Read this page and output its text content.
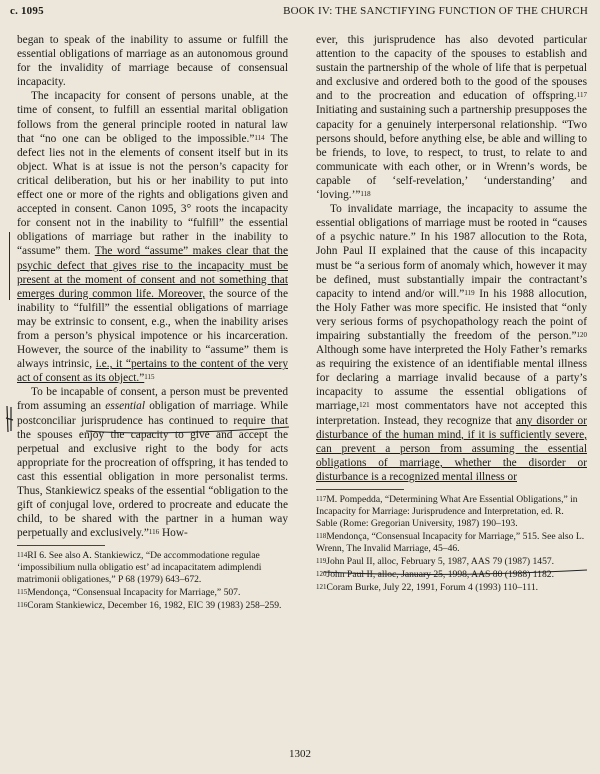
c. 1095	BOOK IV: THE SANCTIFYING FUNCTION OF THE CHURCH

began to speak of the inability to assume or fulfill the essential obligations of marriage as an autonomous ground for the invalidity of marriage because of consensual incapacity.

The incapacity for consent of persons unable, at the time of consent, to fulfill an essential marital obligation follows from the general principle rooted in natural law that “no one can be obliged to the impossible.”$^{114}$ The defect lies not in the elements of consent itself but in its object. What is at issue is not the person’s capacity for critical deliberation, but his or her inability to put into effect one or more of the rights and obligations given and accepted in consent. Canon 1095, 3° roots the incapacity for consent not in the inability to “fulfill” the essential obligations of marriage but rather in the inability to “assume” them. The word “assume” makes clear that the psychic defect that gives rise to the incapacity must be present at the moment of consent and not something that emerges during common life. Moreover, the source of the inability to “fulfill” the essential obligations of marriage may be extrinsic to consent, e.g., when the inability arises from a person’s physical impotence or his incarceration. However, the source of the inability to “assume” them is always intrinsic, i.e., it “pertains to the content of the very act of consent as its object.”$^{115}$

To be incapable of consent, a person must be prevented from assuming an essential obligation of marriage. While postconciliar jurisprudence has continued to require that the spouses enjoy the capacity to give and accept the perpetual and exclusive right to the body for acts appropriate for the procreation of offspring, it has tended to cast this essential obligation in more personalist terms. Thus, Stankiewicz speaks of the essential “obligation to the gift of conjugal love, ordered to procreate and educate the child, to be shared with the partner in a human way perpetually and exclusively.”$^{116}$ How-

$^{114}$RI 6. See also A. Stankiewicz, “De accommodatione regulae ‘impossibilium nulla obligatio est’ ad incapacitatem adimplendi matrimonii obligationes,” P 68 (1979) 643–672.
$^{115}$Mendonça, “Consensual Incapacity for Marriage,” 507.
$^{116}$Coram Stankiewicz, December 16, 1982, EIC 39 (1983) 258–259.

ever, this jurisprudence has also devoted particular attention to the capacity of the spouses to establish and sustain the partnership of the whole of life that is perpetual and exclusive and ordered both to the good of the spouses and to the procreation and education of offspring.$^{117}$ Initiating and sustaining such a partnership presupposes the capacity for a genuinely interpersonal relationship. “Two persons should, before anything else, be able and willing to be friends, to love, to respect, to trust, to relate to and communicate with each other, or in Wrenn’s words, be capable of ‘self-revelation,’ ‘understanding’ and ‘loving.’”$^{118}$

To invalidate marriage, the incapacity to assume the essential obligations of marriage must be rooted in “causes of a psychic nature.” In his 1987 allocution to the Rota, John Paul II explained that the cause of this incapacity must be “a serious form of anomaly which, however it may be defined, must substantially impair the contractant’s capacity to intend and/or will.”$^{119}$ In his 1988 allocution, the Holy Father was more specific. He insisted that “only very serious forms of psychopathology reach the point of impairing substantially the freedom of the person.”$^{120}$ Although some have interpreted the Holy Father’s remarks as requiring the existence of an identifiable mental illness for declaring a marriage invalid because of a party’s incapacity to assume the essential obligations of marriage,$^{121}$ most commentators have not accepted this interpretation. Instead, they recognize that any disorder or disturbance of the human mind, if it is sufficiently severe, can prevent a person from assuming the essential obligations of marriage, whether the disorder or disturbance is a recognized mental illness or

$^{117}$M. Pompedda, “Determining What Are Essential Obligations,” in Incapacity for Marriage: Jurisprudence and Interpretation, ed. R. Sable (Rome: Gregorian University, 1987) 190–193.
$^{118}$Mendonça, “Consensual Incapacity for Marriage,” 515. See also L. Wrenn, The Invalid Marriage, 45–46.
$^{119}$John Paul II, alloc, February 5, 1987, AAS 79 (1987) 1457.
$^{120}$John Paul II, alloc, January 25, 1998, AAS 80 (1988) 1182.
$^{121}$Coram Burke, July 22, 1991, Forum 4 (1993) 110–111.
1302
